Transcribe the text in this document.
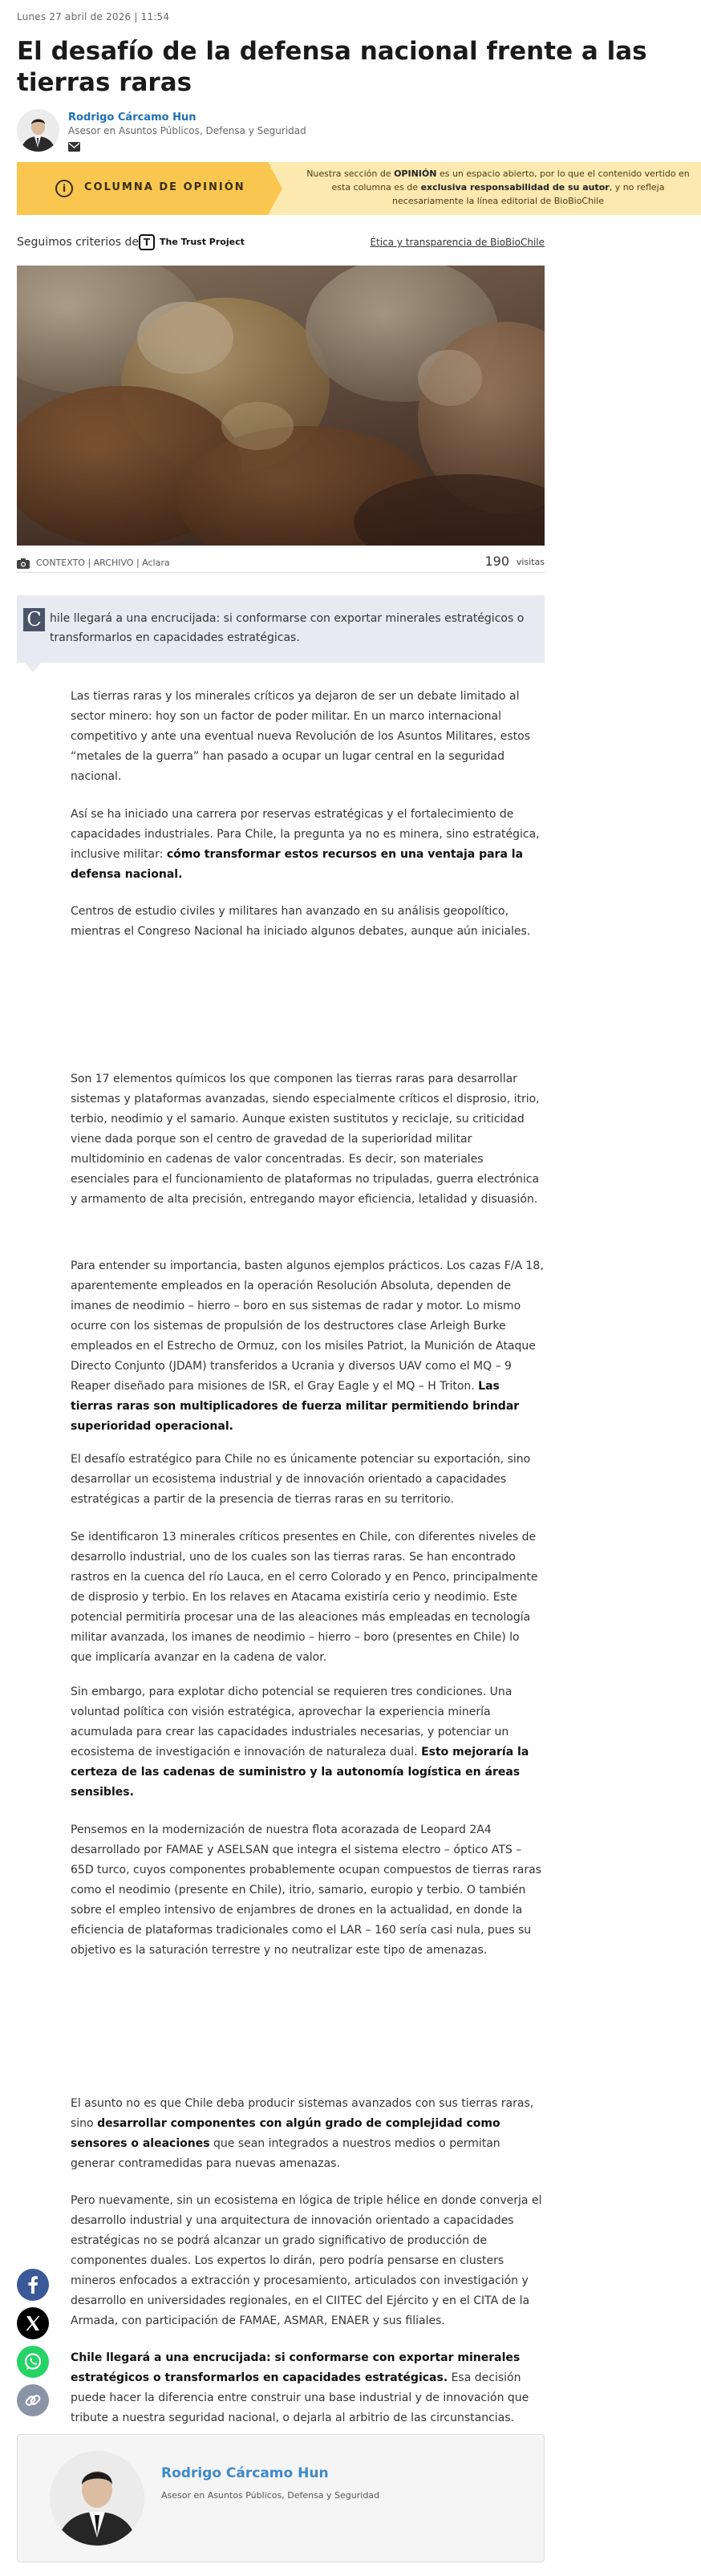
Lunes 27 abril de 2026 | 11:54
El desafío de la defensa nacional frente a las tierras raras
Rodrigo Cárcamo Hun
Asesor en Asuntos Públicos, Defensa y Seguridad
i	COLUMNA DE OPINIÓN
Nuestra sección de OPINIÓN es un espacio abierto, por lo que el contenido vertido en esta columna es de exclusiva responsabilidad de su autor, y no refleja necesariamente la línea editorial de BioBioChile
Seguimos criterios de T	The Trust Project	Ética y transparencia de BioBioChile
CONTEXTO | ARCHIVO | Aclara	190 visitas
C hile llegará a una encrucijada: si conformarse con exportar minerales estratégicos o transformarlos en capacidades estratégicas.

Las tierras raras y los minerales críticos ya dejaron de ser un debate limitado al sector minero: hoy son un factor de poder militar. En un marco internacional competitivo y ante una eventual nueva Revolución de los Asuntos Militares, estos “metales de la guerra” han pasado a ocupar un lugar central en la seguridad nacional.

Así se ha iniciado una carrera por reservas estratégicas y el fortalecimiento de capacidades industriales. Para Chile, la pregunta ya no es minera, sino estratégica, inclusive militar: cómo transformar estos recursos en una ventaja para la defensa nacional.

Centros de estudio civiles y militares han avanzado en su análisis geopolítico, mientras el Congreso Nacional ha iniciado algunos debates, aunque aún iniciales.

Son 17 elementos químicos los que componen las tierras raras para desarrollar sistemas y plataformas avanzadas, siendo especialmente críticos el disprosio, itrio, terbio, neodimio y el samario. Aunque existen sustitutos y reciclaje, su criticidad viene dada porque son el centro de gravedad de la superioridad militar multidominio en cadenas de valor concentradas. Es decir, son materiales esenciales para el funcionamiento de plataformas no tripuladas, guerra electrónica y armamento de alta precisión, entregando mayor eficiencia, letalidad y disuasión.

Para entender su importancia, basten algunos ejemplos prácticos. Los cazas F/A 18, aparentemente empleados en la operación Resolución Absoluta, dependen de imanes de neodimio – hierro – boro en sus sistemas de radar y motor. Lo mismo ocurre con los sistemas de propulsión de los destructores clase Arleigh Burke empleados en el Estrecho de Ormuz, con los misiles Patriot, la Munición de Ataque Directo Conjunto (JDAM) transferidos a Ucrania y diversos UAV como el MQ – 9 Reaper diseñado para misiones de ISR, el Gray Eagle y el MQ – H Triton. Las tierras raras son multiplicadores de fuerza militar permitiendo brindar superioridad operacional.

El desafío estratégico para Chile no es únicamente potenciar su exportación, sino desarrollar un ecosistema industrial y de innovación orientado a capacidades estratégicas a partir de la presencia de tierras raras en su territorio.

Se identificaron 13 minerales críticos presentes en Chile, con diferentes niveles de desarrollo industrial, uno de los cuales son las tierras raras. Se han encontrado rastros en la cuenca del río Lauca, en el cerro Colorado y en Penco, principalmente de disprosio y terbio. En los relaves en Atacama existiría cerio y neodimio. Este potencial permitiría procesar una de las aleaciones más empleadas en tecnología militar avanzada, los imanes de neodimio – hierro – boro (presentes en Chile) lo que implicaría avanzar en la cadena de valor.

Sin embargo, para explotar dicho potencial se requieren tres condiciones. Una voluntad política con visión estratégica, aprovechar la experiencia minería acumulada para crear las capacidades industriales necesarias, y potenciar un ecosistema de investigación e innovación de naturaleza dual. Esto mejoraría la certeza de las cadenas de suministro y la autonomía logística en áreas sensibles.

Pensemos en la modernización de nuestra flota acorazada de Leopard 2A4 desarrollado por FAMAE y ASELSAN que integra el sistema electro – óptico ATS – 65D turco, cuyos componentes probablemente ocupan compuestos de tierras raras como el neodimio (presente en Chile), itrio, samario, europio y terbio. O también sobre el empleo intensivo de enjambres de drones en la actualidad, en donde la eficiencia de plataformas tradicionales como el LAR – 160 sería casi nula, pues su objetivo es la saturación terrestre y no neutralizar este tipo de amenazas.

El asunto no es que Chile deba producir sistemas avanzados con sus tierras raras, sino desarrollar componentes con algún grado de complejidad como sensores o aleaciones que sean integrados a nuestros medios o permitan generar contramedidas para nuevas amenazas.

Pero nuevamente, sin un ecosistema en lógica de triple hélice en donde converja el desarrollo industrial y una arquitectura de innovación orientado a capacidades estratégicas no se podrá alcanzar un grado significativo de producción de componentes duales. Los expertos lo dirán, pero podría pensarse en clusters mineros enfocados a extracción y procesamiento, articulados con investigación y desarrollo en universidades regionales, en el CIITEC del Ejército y en el CITA de la Armada, con participación de FAMAE, ASMAR, ENAER y sus filiales.

Chile llegará a una encrucijada: si conformarse con exportar minerales estratégicos o transformarlos en capacidades estratégicas. Esa decisión puede hacer la diferencia entre construir una base industrial y de innovación que tribute a nuestra seguridad nacional, o dejarla al arbitrio de las circunstancias.

Rodrigo Cárcamo Hun
Asesor en Asuntos Públicos, Defensa y Seguridad
